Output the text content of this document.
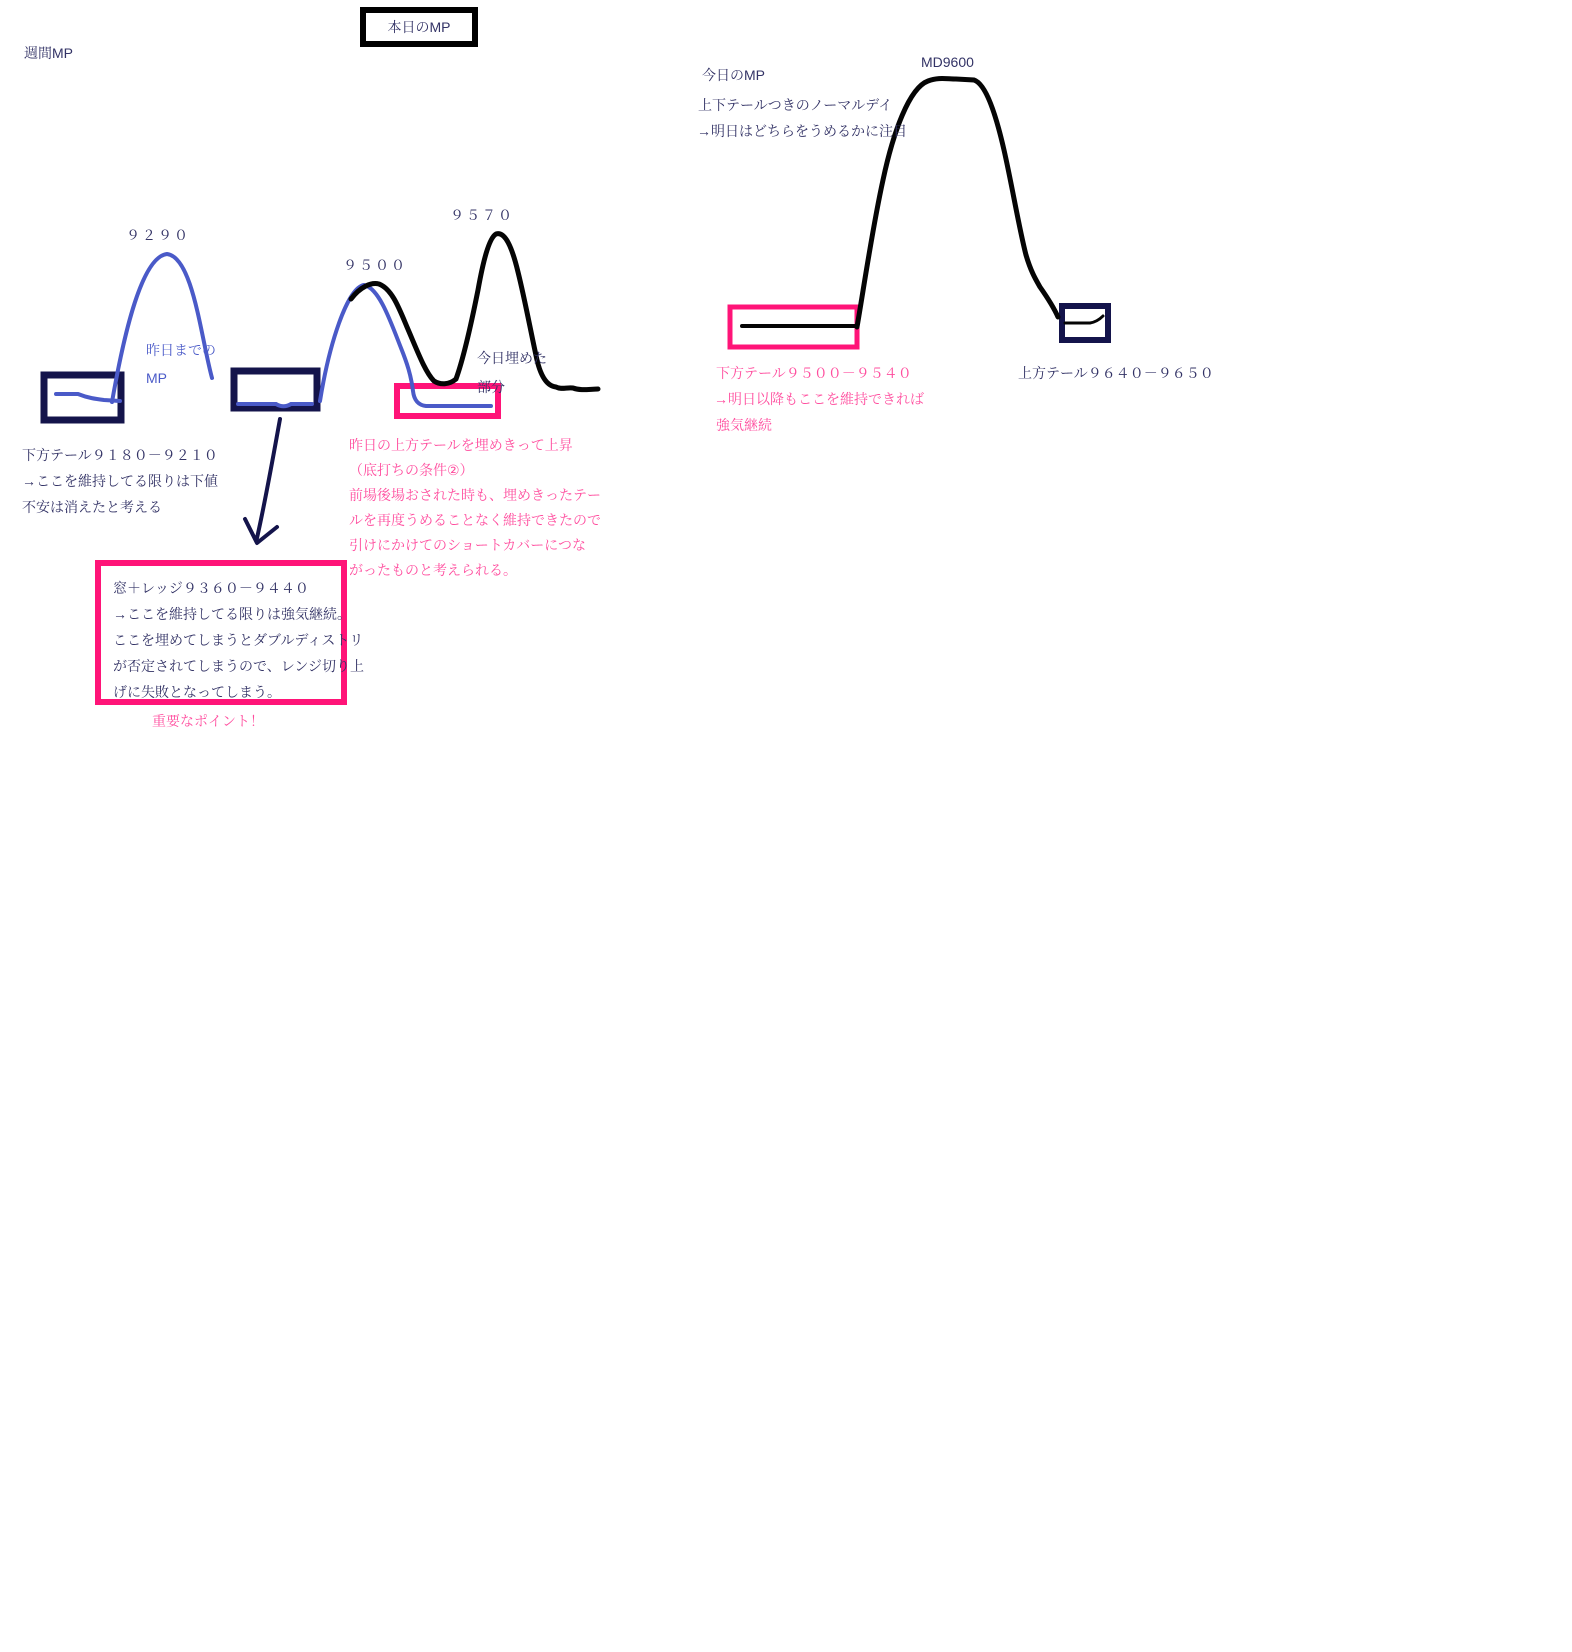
週間MP
本日のMP
９２９０
９５００
９５７０
昨日までの
MP
今日埋めた
部分
下方テール９１８０－９２１０
→ここを維持してる限りは下値
不安は消えたと考える
昨日の上方テールを埋めきって上昇
（底打ちの条件②）
前場後場おされた時も、埋めきったテー
ルを再度うめることなく維持できたので
引けにかけてのショートカバーにつな
がったものと考えられる。
窓＋レッジ９３６０－９４４０
→ここを維持してる限りは強気継続。
ここを埋めてしまうとダブルディストリ
が否定されてしまうので、レンジ切り上
げに失敗となってしまう。
重要なポイント！
今日のMP
上下テールつきのノーマルデイ
→明日はどちらをうめるかに注目
MD9600
下方テール９５００－９５４０
→明日以降もここを維持できれば
強気継続
上方テール９６４０－９６５０
